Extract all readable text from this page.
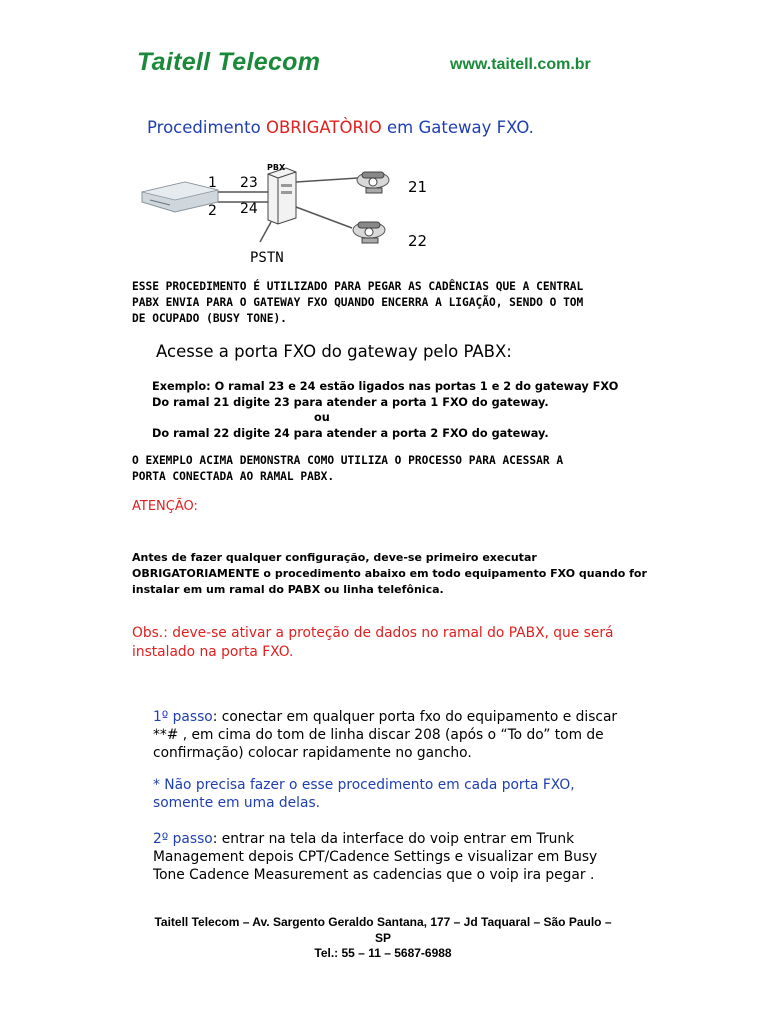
Taitell Telecom	www.taitell.com.br
Procedimento OBRIGATÒRIO em Gateway FXO.
1
2
23
24
PBX
PSTN
21
22
ESSE PROCEDIMENTO É UTILIZADO PARA PEGAR AS CADÊNCIAS QUE A CENTRAL
PABX ENVIA PARA O GATEWAY FXO QUANDO ENCERRA A LIGAÇÃO, SENDO O TOM
DE OCUPADO (BUSY TONE).
Acesse a porta FXO do gateway pelo PABX:
Exemplo: O ramal 23 e 24 estão ligados nas portas 1 e 2 do gateway FXO
Do ramal 21 digite 23 para atender a porta 1 FXO do gateway.
ou
Do ramal 22 digite 24 para atender a porta 2 FXO do gateway.
O EXEMPLO ACIMA DEMONSTRA COMO UTILIZA O PROCESSO PARA ACESSAR A
PORTA CONECTADA AO RAMAL PABX.
ATENÇÃO:
Antes de fazer qualquer configuração, deve-se primeiro executar
OBRIGATORIAMENTE o procedimento abaixo em todo equipamento FXO quando for
instalar em um ramal do PABX ou linha telefônica.
Obs.: deve-se ativar a proteção de dados no ramal do PABX, que será
instalado na porta FXO.
1º passo: conectar em qualquer porta fxo do equipamento e discar
**# , em cima do tom de linha discar 208 (após o “To do” tom de
confirmação) colocar rapidamente no gancho.
* Não precisa fazer o esse procedimento em cada porta FXO,
somente em uma delas.
2º passo: entrar na tela da interface do voip entrar em Trunk
Management depois CPT/Cadence Settings e visualizar em Busy
Tone Cadence Measurement as cadencias que o voip ira pegar .
Taitell Telecom – Av. Sargento Geraldo Santana, 177 – Jd Taquaral – São Paulo –
SP
Tel.: 55 – 11 – 5687-6988
